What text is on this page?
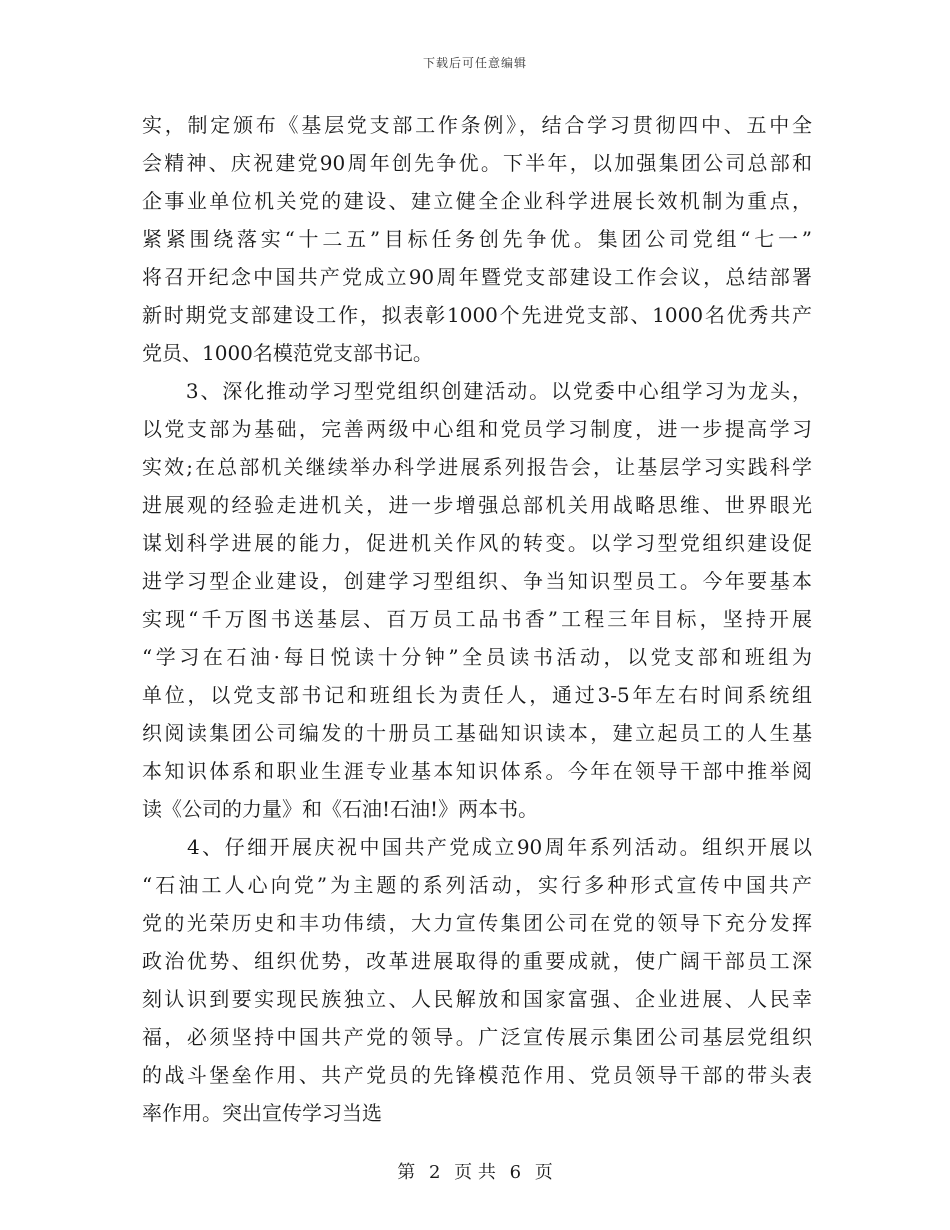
下载后可任意编辑
实，制定颁布《基层党支部工作条例》，结合学习贯彻四中、五中全
会精神、庆祝建党90周年创先争优。下半年，以加强集团公司总部和
企事业单位机关党的建设、建立健全企业科学进展长效机制为重点，
紧紧围绕落实“十二五”目标任务创先争优。集团公司党组“七一”
将召开纪念中国共产党成立90周年暨党支部建设工作会议，总结部署
新时期党支部建设工作，拟表彰1000个先进党支部、1000名优秀共产
党员、1000名模范党支部书记。
　　3、深化推动学习型党组织创建活动。以党委中心组学习为龙头，
以党支部为基础，完善两级中心组和党员学习制度，进一步提高学习
实效;在总部机关继续举办科学进展系列报告会，让基层学习实践科学
进展观的经验走进机关，进一步增强总部机关用战略思维、世界眼光
谋划科学进展的能力，促进机关作风的转变。以学习型党组织建设促
进学习型企业建设，创建学习型组织、争当知识型员工。今年要基本
实现“千万图书送基层、百万员工品书香”工程三年目标，坚持开展
“学习在石油·每日悦读十分钟”全员读书活动，以党支部和班组为
单位，以党支部书记和班组长为责任人，通过3-5年左右时间系统组
织阅读集团公司编发的十册员工基础知识读本，建立起员工的人生基
本知识体系和职业生涯专业基本知识体系。今年在领导干部中推举阅
读《公司的力量》和《石油!石油!》两本书。
　　4、仔细开展庆祝中国共产党成立90周年系列活动。组织开展以
“石油工人心向党”为主题的系列活动，实行多种形式宣传中国共产
党的光荣历史和丰功伟绩，大力宣传集团公司在党的领导下充分发挥
政治优势、组织优势，改革进展取得的重要成就，使广阔干部员工深
刻认识到要实现民族独立、人民解放和国家富强、企业进展、人民幸
福，必须坚持中国共产党的领导。广泛宣传展示集团公司基层党组织
的战斗堡垒作用、共产党员的先锋模范作用、党员领导干部的带头表
率作用。突出宣传学习当选
第 2 页 共 6 页
